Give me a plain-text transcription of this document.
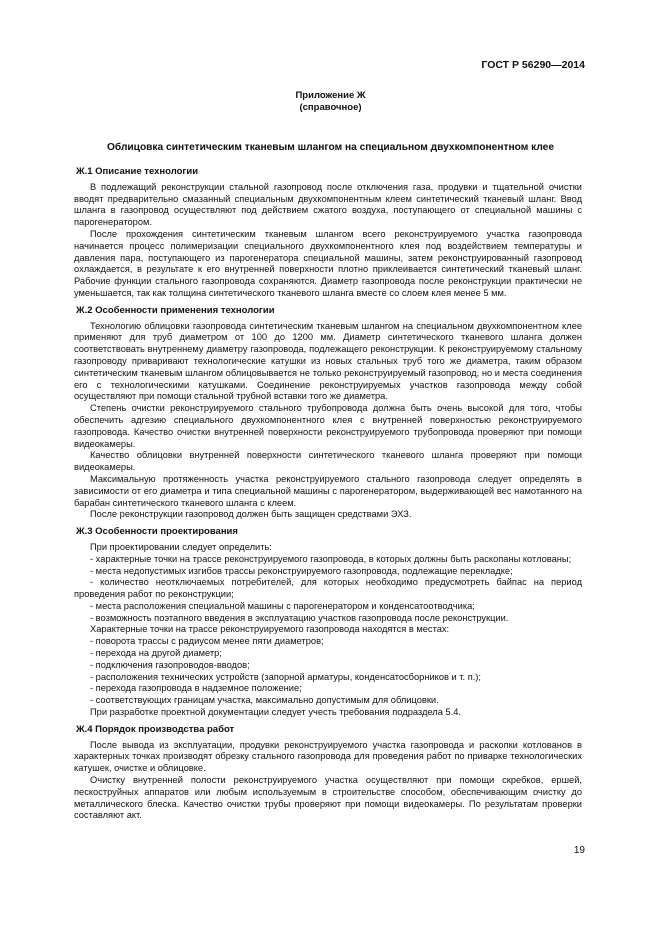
ГОСТ Р 56290—2014
Приложение Ж
(справочное)
Облицовка синтетическим тканевым шлангом на специальном двухкомпонентном клее
Ж.1 Описание технологии

В подлежащий реконструкции стальной газопровод после отключения газа, продувки и тщательной очистки вводят предварительно смазанный специальным двухкомпонентным клеем синтетический тканевый шланг. Ввод шланга в газопровод осуществляют под действием сжатого воздуха, поступающего от специальной машины с парогенератором.

После прохождения синтетическим тканевым шлангом всего реконструируемого участка газопровода начинается процесс полимеризации специального двухкомпонентного клея под воздействием температуры и давления пара, поступающего из парогенератора специальной машины, затем реконструированный газопровод охлаждается, в результате к его внутренней поверхности плотно приклеивается синтетический тканевый шланг. Рабочие функции стального газопровода сохраняются. Диаметр газопровода после реконструкции практически не уменьшается, так как толщина синтетического тканевого шланга вместе со слоем клея менее 5 мм.

Ж.2 Особенности применения технологии

Технологию облицовки газопровода синтетическим тканевым шлангом на специальном двухкомпонентном клее применяют для труб диаметром от 100 до 1200 мм. Диаметр синтетического тканевого шланга должен соответствовать внутреннему диаметру газопровода, подлежащего реконструкции. К реконструируемому стальному газопроводу приваривают технологические катушки из новых стальных труб того же диаметра, таким образом синтетическим тканевым шлангом облицовывается не только реконструируемый газопровод, но и места соединения его с технологическими катушками. Соединение реконструируемых участков газопровода между собой осуществляют при помощи стальной трубной вставки того же диаметра.

Степень очистки реконструируемого стального трубопровода должна быть очень высокой для того, чтобы обеспечить адгезию специального двухкомпонентного клея с внутренней поверхностью реконструируемого газопровода. Качество очистки внутренней поверхности реконструируемого трубопровода проверяют при помощи видеокамеры.

Качество облицовки внутренней поверхности синтетического тканевого шланга проверяют при помощи видеокамеры.

Максимальную протяженность участка реконструируемого стального газопровода следует определять в зависимости от его диаметра и типа специальной машины с парогенератором, выдерживающей вес намотанного на барабан синтетического тканевого шланга с клеем.

После реконструкции газопровод должен быть защищен средствами ЭХЗ.

Ж.3 Особенности проектирования

При проектировании следует определить:

- характерные точки на трассе реконструируемого газопровода, в которых должны быть раскопаны котлованы;

- места недопустимых изгибов трассы реконструируемого газопровода, подлежащие перекладке;

- количество неотключаемых потребителей, для которых необходимо предусмотреть байпас на период проведения работ по реконструкции;

- места расположения специальной машины с парогенератором и конденсатоотводчика;

- возможность поэтапного введения в эксплуатацию участков газопровода после реконструкции.

Характерные точки на трассе реконструируемого газопровода находятся в местах:

- поворота трассы с радиусом менее пяти диаметров;

- перехода на другой диаметр;

- подключения газопроводов-вводов;

- расположения технических устройств (запорной арматуры, конденсатосборников и т. п.);

- перехода газопровода в надземное положение;

- соответствующих границам участка, максимально допустимым для облицовки.

При разработке проектной документации следует учесть требования подраздела 5.4.

Ж.4 Порядок производства работ

После вывода из эксплуатации, продувки реконструируемого участка газопровода и раскопки котлованов в характерных точках производят обрезку стального газопровода для проведения работ по приварке технологических катушек, очистке и облицовке.

Очистку внутренней полости реконструируемого участка осуществляют при помощи скребков, ершей, пескоструйных аппаратов или любым используемым в строительстве способом, обеспечивающим очистку до металлического блеска. Качество очистки трубы проверяют при помощи видеокамеры. По результатам проверки составляют акт.

19
